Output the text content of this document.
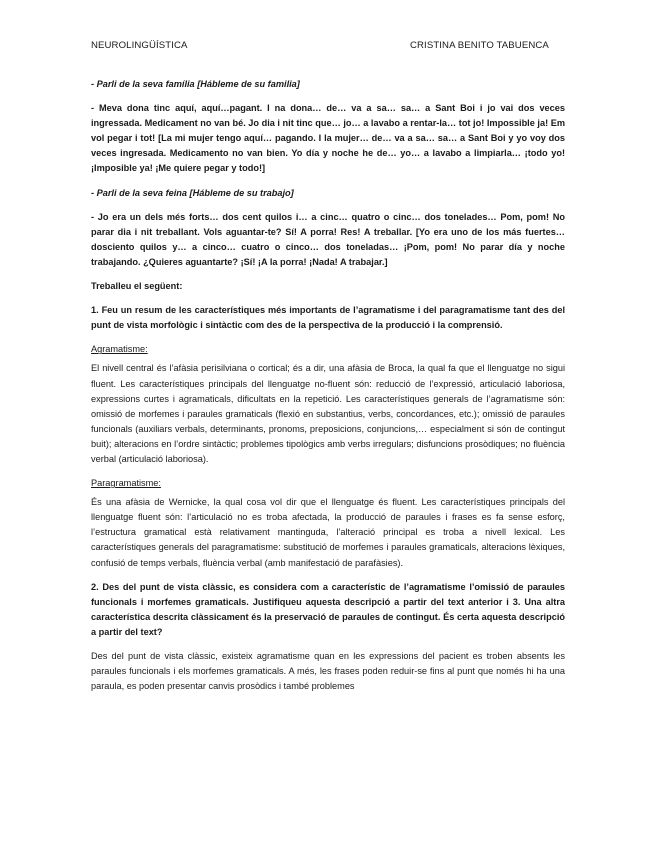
NEUROLINGÜÍSTICA	CRISTINA BENITO TABUENCA

- Parli de la seva família [Hábleme de su familia]

- Meva dona tinc aquí, aquí…pagant. I na dona… de… va a sa… sa… a Sant Boi i jo vai dos veces ingressada. Medicament no van bé. Jo dia i nit tinc que… jo… a lavabo a rentar-la… tot jo! Impossible ja! Em vol pegar i tot! [La mi mujer tengo aquí… pagando. I la mujer… de… va a sa… sa… a Sant Boi y yo voy dos veces ingresada. Medicamento no van bien. Yo día y noche he de… yo… a lavabo a limpiarla… ¡todo yo! ¡Imposible ya! ¡Me quiere pegar y todo!]

- Parli de la seva feina [Hábleme de su trabajo]

- Jo era un dels més forts… dos cent quilos i… a cinc… quatro o cinc… dos tonelades… Pom, pom! No parar dia i nit treballant. Vols aguantar-te? Sí! A porra! Res! A treballar. [Yo era uno de los más fuertes… dosciento quilos y… a cinco… cuatro o cinco… dos toneladas… ¡Pom, pom! No parar día y noche trabajando. ¿Quieres aguantarte? ¡Sí! ¡A la porra! ¡Nada! A trabajar.]

Treballeu el següent:

1. Feu un resum de les característiques més importants de l’agramatisme i del paragramatisme tant des del punt de vista morfològic i sintàctic com des de la perspectiva de la producció i la comprensió.

Agramatisme:

El nivell central és l’afàsia perisilviana o cortical; és a dir, una afàsia de Broca, la qual fa que el llenguatge no sigui fluent. Les característiques principals del llenguatge no-fluent són: reducció de l’expressió, articulació laboriosa, expressions curtes i agramaticals, dificultats en la repetició. Les característiques generals de l’agramatisme són: omissió de morfemes i paraules gramaticals (flexió en substantius, verbs, concordances, etc.); omissió de paraules funcionals (auxiliars verbals, determinants, pronoms, preposicions, conjuncions,… especialment si són de contingut buit); alteracions en l’ordre sintàctic; problemes tipològics amb verbs irregulars; disfuncions prosòdiques; no fluència verbal (articulació laboriosa).

Paragramatisme:

És una afàsia de Wernicke, la qual cosa vol dir que el llenguatge és fluent. Les característiques principals del llenguatge fluent són: l’articulació no es troba afectada, la producció de paraules i frases es fa sense esforç, l’estructura gramatical està relativament mantinguda, l’alteració principal es troba a nivell lexical. Les característiques generals del paragramatisme: substitució de morfemes i paraules gramaticals, alteracions lèxiques, confusió de temps verbals, fluència verbal (amb manifestació de parafàsies).

2. Des del punt de vista clàssic, es considera com a característic de l’agramatisme l’omissió de paraules funcionals i morfemes gramaticals. Justifiqueu aquesta descripció a partir del text anterior i 3. Una altra característica descrita clàssicament és la preservació de paraules de contingut. És certa aquesta descripció a partir del text?

Des del punt de vista clàssic, existeix agramatisme quan en les expressions del pacient es troben absents les paraules funcionals i els morfemes gramaticals. A més, les frases poden reduir-se fins al punt que només hi ha una paraula, es poden presentar canvis prosòdics i també problemes
